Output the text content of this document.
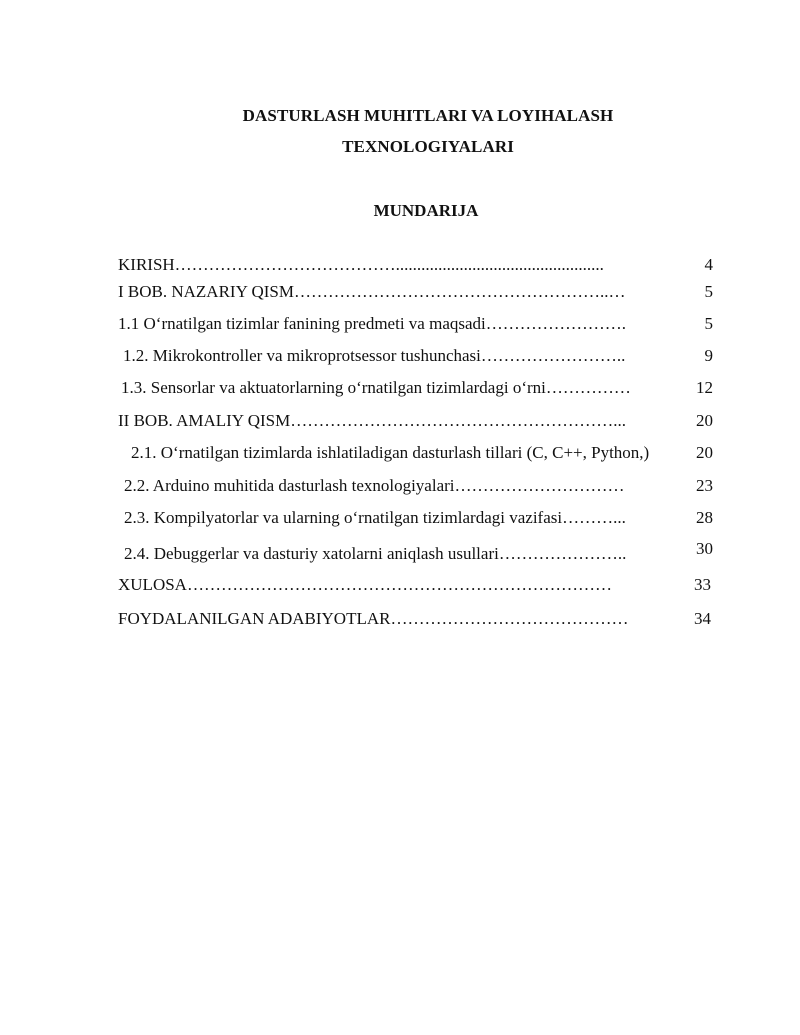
DASTURLASH MUHITLARI VA LOYIHALASH
TEXNOLOGIYALARI
MUNDARIJA
KIRISH………………………………….................................................	4
I BOB. NAZARIY QISM………………………………………………..…	5
1.1 O‘rnatilgan tizimlar fanining predmeti va maqsadi…………………….	5
1.2. Mikrokontroller va mikroprotsessor tushunchasi……………………..	9
1.3. Sensorlar va aktuatorlarning o‘rnatilgan tizimlardagi o‘rni……………	12
II BOB. AMALIY QISM…………………………………………………...	20
2.1. O‘rnatilgan tizimlarda ishlatiladigan dasturlash tillari (C, C++, Python,)	20
2.2. Arduino muhitida dasturlash texnologiyalari…………………………	23
2.3. Kompilyatorlar va ularning o‘rnatilgan tizimlardagi vazifasi………...	28
2.4. Debuggerlar va dasturiy xatolarni aniqlash usullari…………………..	30
XULOSA…………………………………………………………………	33
FOYDALANILGAN ADABIYOTLAR……………………………………	34
